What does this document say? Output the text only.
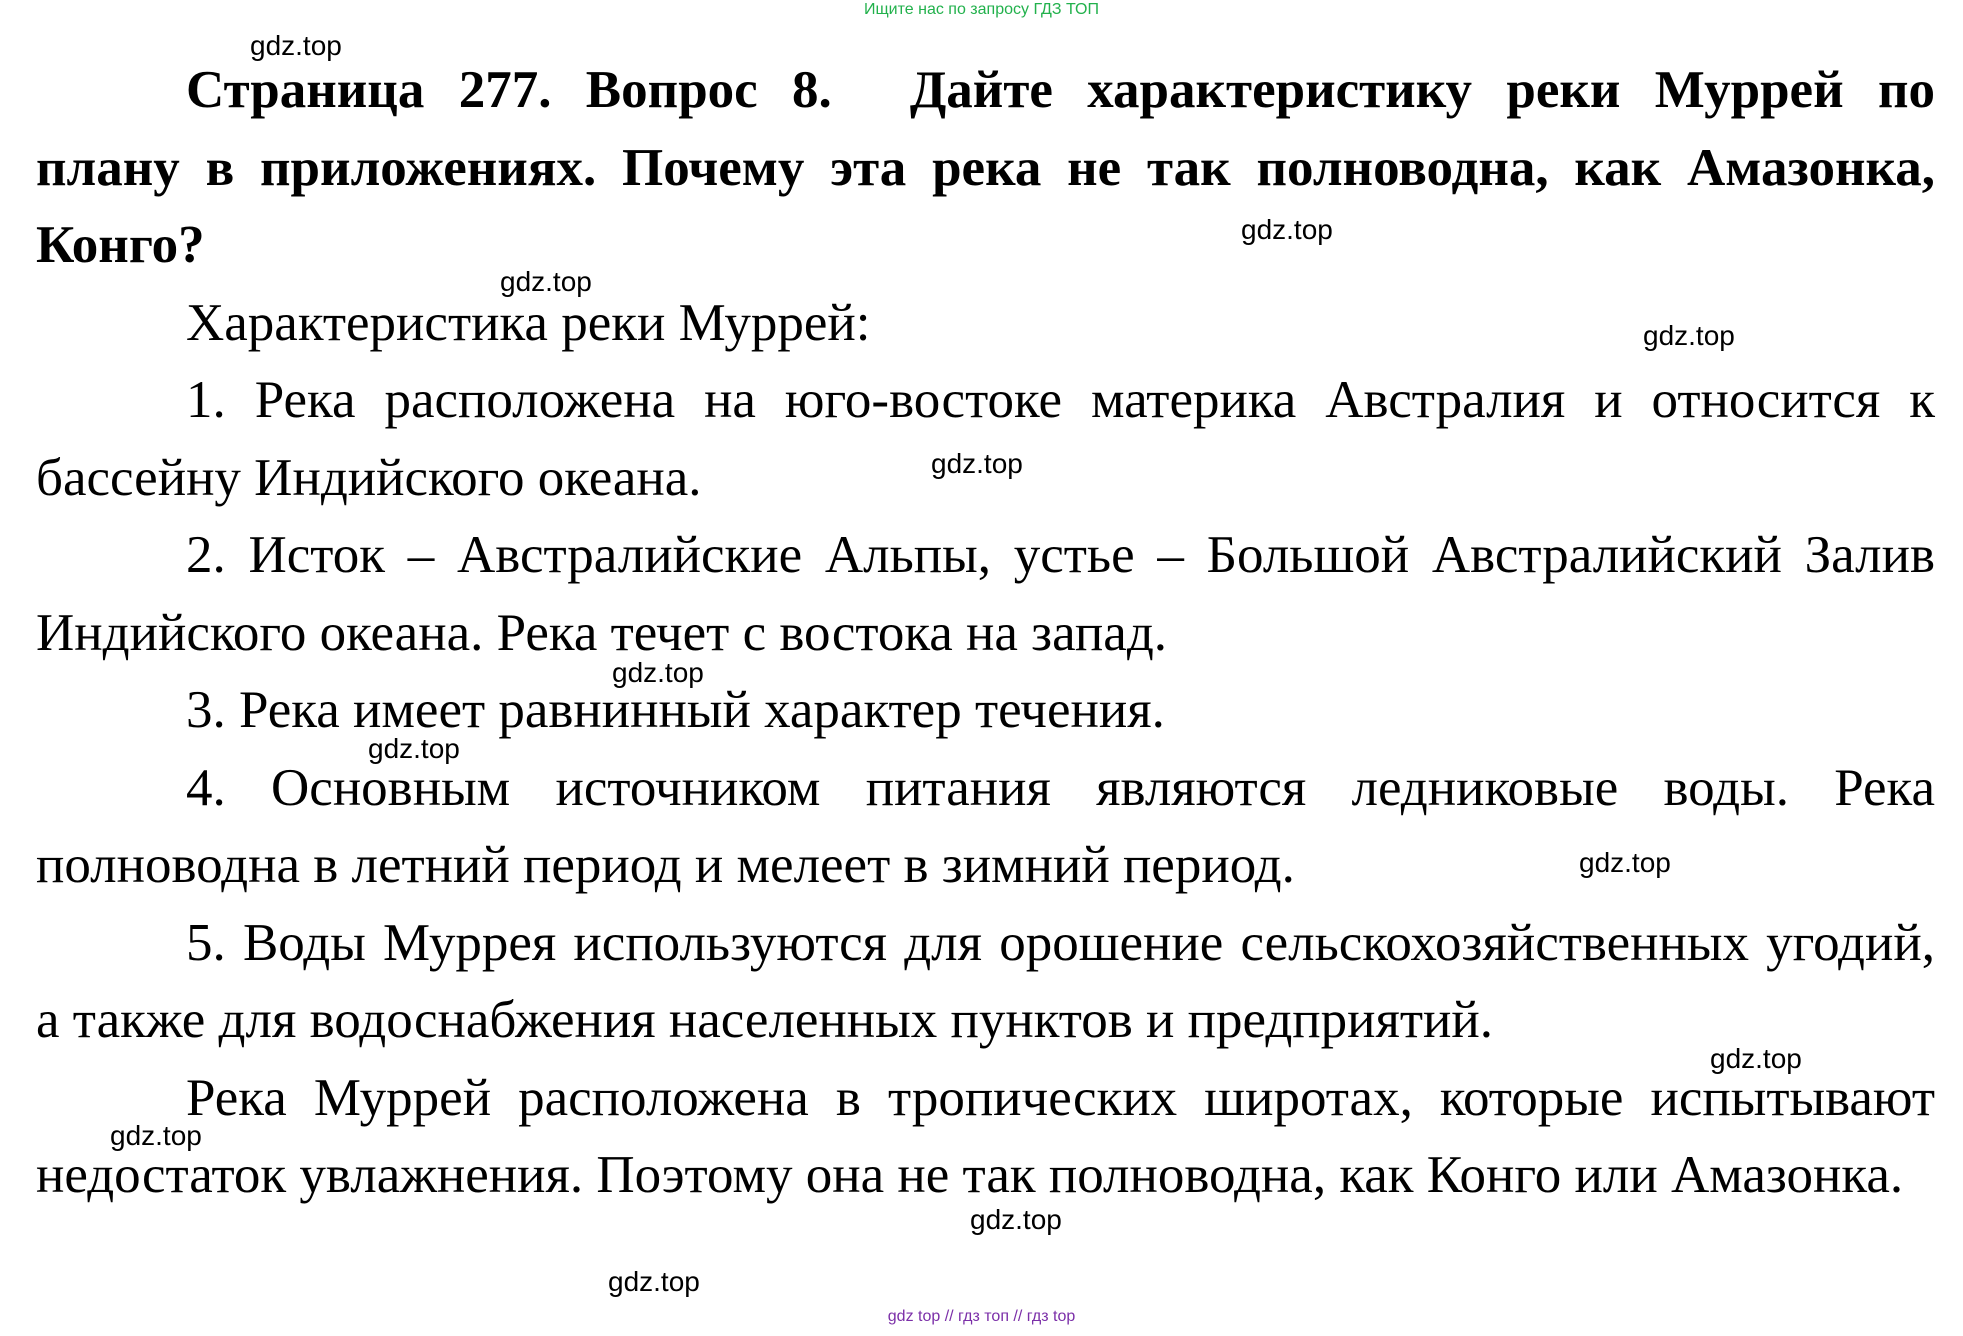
Ищите нас по запросу ГДЗ ТОП

Страница 277. Вопрос 8. Дайте характеристику реки Муррей по плану в приложениях. Почему эта река не так полноводна, как Амазонка, Конго?

Характеристика реки Муррей:

1. Река расположена на юго-востоке материка Австралия и относится к бассейну Индийского океана.

2. Исток – Австралийские Альпы, устье – Большой Австралийский Залив Индийского океана. Река течет с востока на запад.

3. Река имеет равнинный характер течения.

4. Основным источником питания являются ледниковые воды. Река полноводна в летний период и мелеет в зимний период.

5. Воды Муррея используются для орошение сельскохозяйственных угодий, а также для водоснабжения населенных пунктов и предприятий.

Река Муррей расположена в тропических широтах, которые испытывают недостаток увлажнения. Поэтому она не так полноводна, как Конго или Амазонка.

gdz.top
gdz.top
gdz.top
gdz.top
gdz.top
gdz.top
gdz.top
gdz.top
gdz.top
gdz.top
gdz.top
gdz.top
gdz top // гдз топ // гдз top
